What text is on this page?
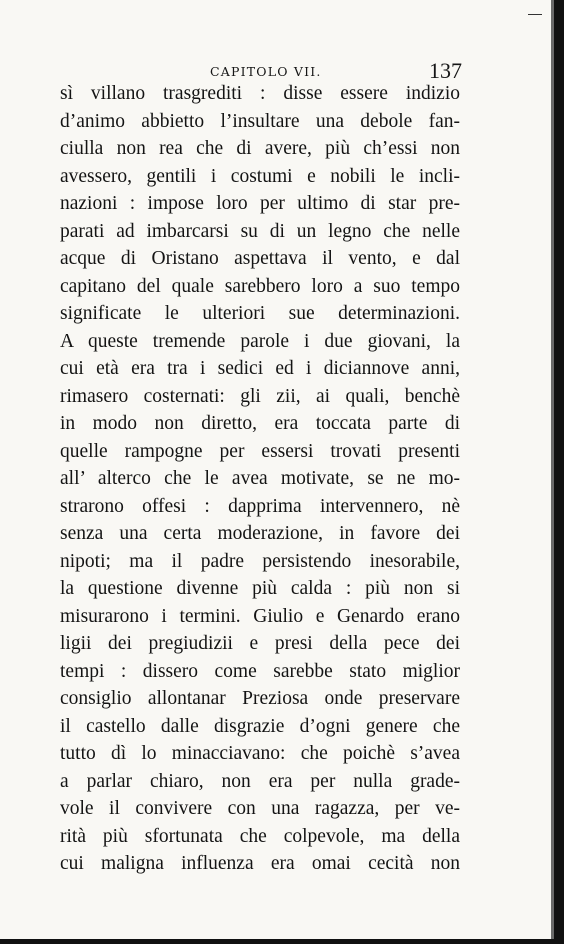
CAPITOLO VII.	137
sì villano trasgrediti : disse essere indizio
d’animo abbietto l’insultare una debole fan-
ciulla non rea che di avere, più ch’essi non
avessero, gentili i costumi e nobili le incli-
nazioni : impose loro per ultimo di star pre-
parati ad imbarcarsi su di un legno che nelle
acque di Oristano aspettava il vento, e dal
capitano del quale sarebbero loro a suo tempo
significate le ulteriori sue determinazioni.
A queste tremende parole i due giovani, la
cui età era tra i sedici ed i diciannove anni,
rimasero costernati: gli zii, ai quali, benchè
in modo non diretto, era toccata parte di
quelle rampogne per essersi trovati presenti
all’ alterco che le avea motivate, se ne mo-
strarono offesi : dapprima intervennero, nè
senza una certa moderazione, in favore dei
nipoti; ma il padre persistendo inesorabile,
la questione divenne più calda : più non si
misurarono i termini. Giulio e Genardo erano
ligii dei pregiudizii e presi della pece dei
tempi : dissero come sarebbe stato miglior
consiglio allontanar Preziosa onde preservare
il castello dalle disgrazie d’ogni genere che
tutto dì lo minacciavano: che poichè s’avea
a parlar chiaro, non era per nulla grade-
vole il convivere con una ragazza, per ve-
rità più sfortunata che colpevole, ma della
cui maligna influenza era omai cecità non
